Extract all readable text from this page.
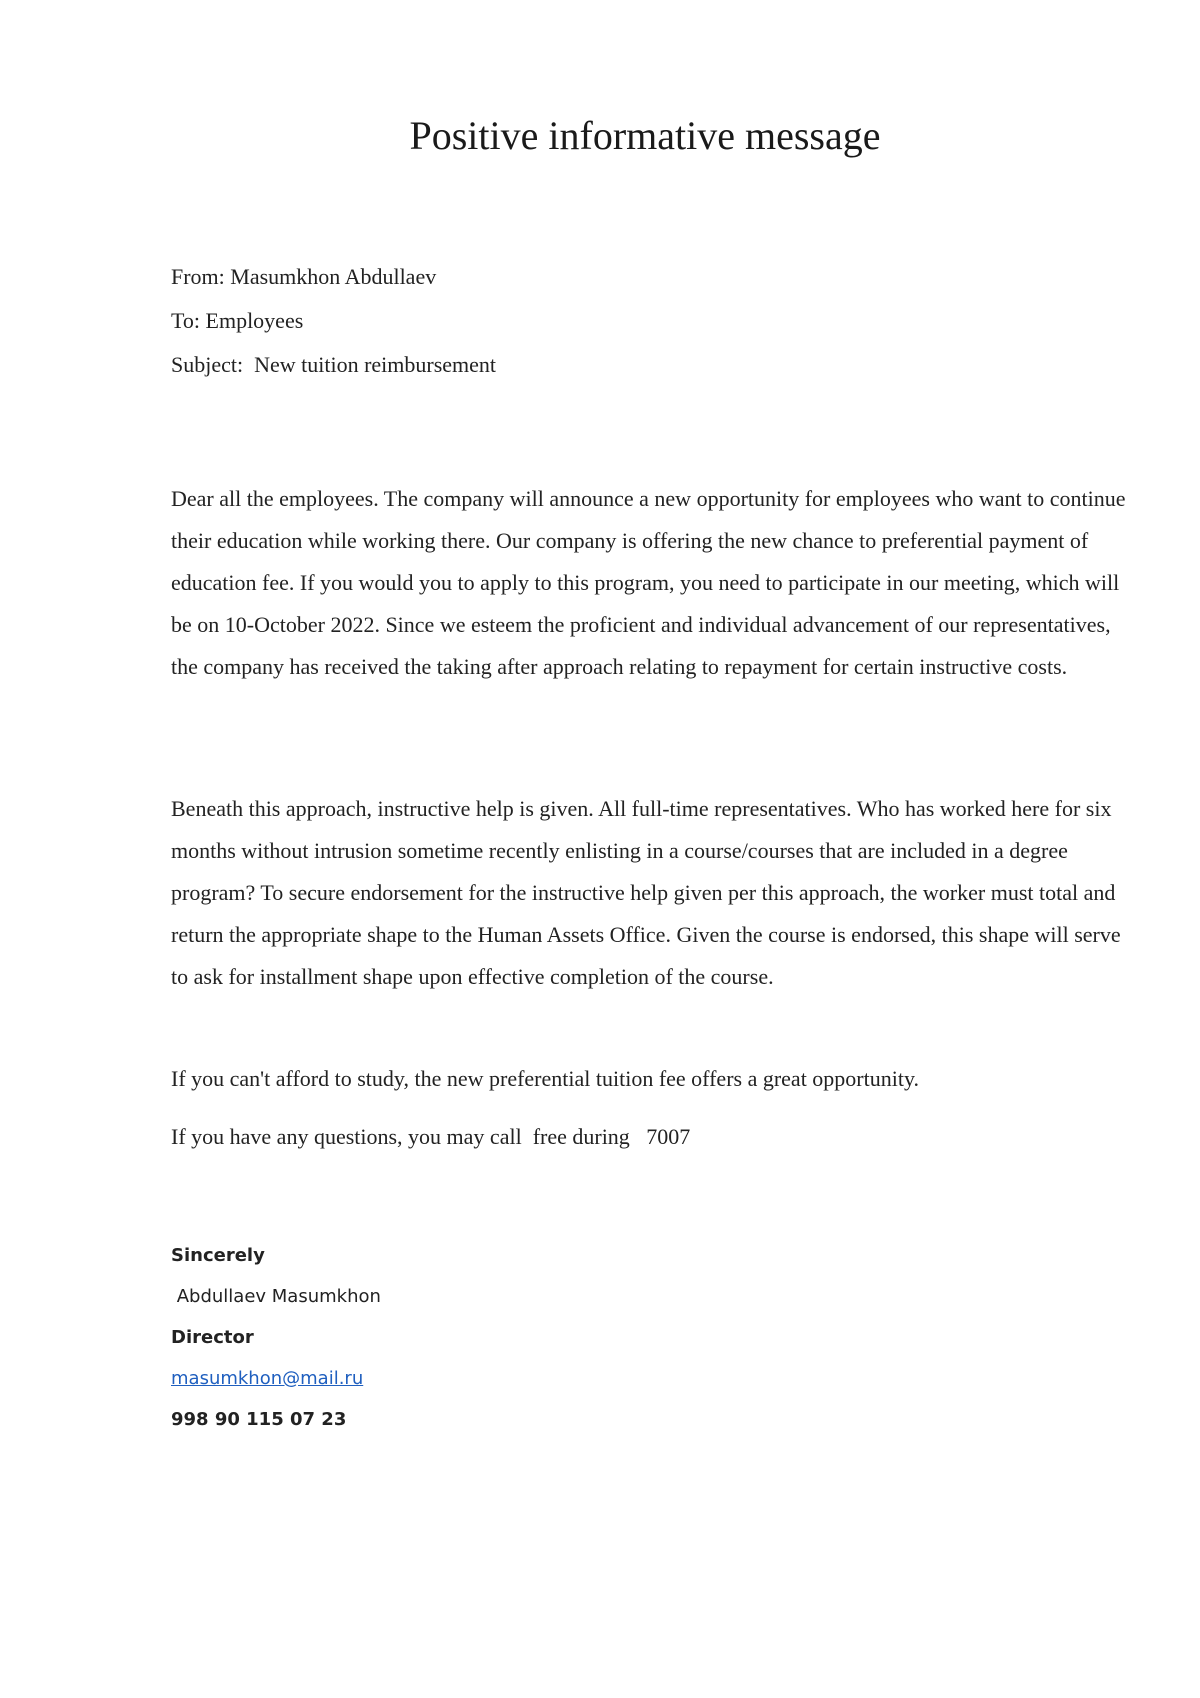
Positive informative message
From: Masumkhon Abdullaev
To: Employees
Subject:  New tuition reimbursement

Dear all the employees. The company will announce a new opportunity for employees who want to continue their education while working there. Our company is offering the new chance to preferential payment of education fee. If you would you to apply to this program, you need to participate in our meeting, which will be on 10-October 2022. Since we esteem the proficient and individual advancement of our representatives, the company has received the taking after approach relating to repayment for certain instructive costs.

Beneath this approach, instructive help is given. All full-time representatives. Who has worked here for six months without intrusion sometime recently enlisting in a course/courses that are included in a degree program? To secure endorsement for the instructive help given per this approach, the worker must total and return the appropriate shape to the Human Assets Office. Given the course is endorsed, this shape will serve to ask for installment shape upon effective completion of the course.

If you can't afford to study, the new preferential tuition fee offers a great opportunity.

If you have any questions, you may call  free during   7007

Sincerely
Abdullaev Masumkhon
Director
masumkhon@mail.ru
998 90 115 07 23
